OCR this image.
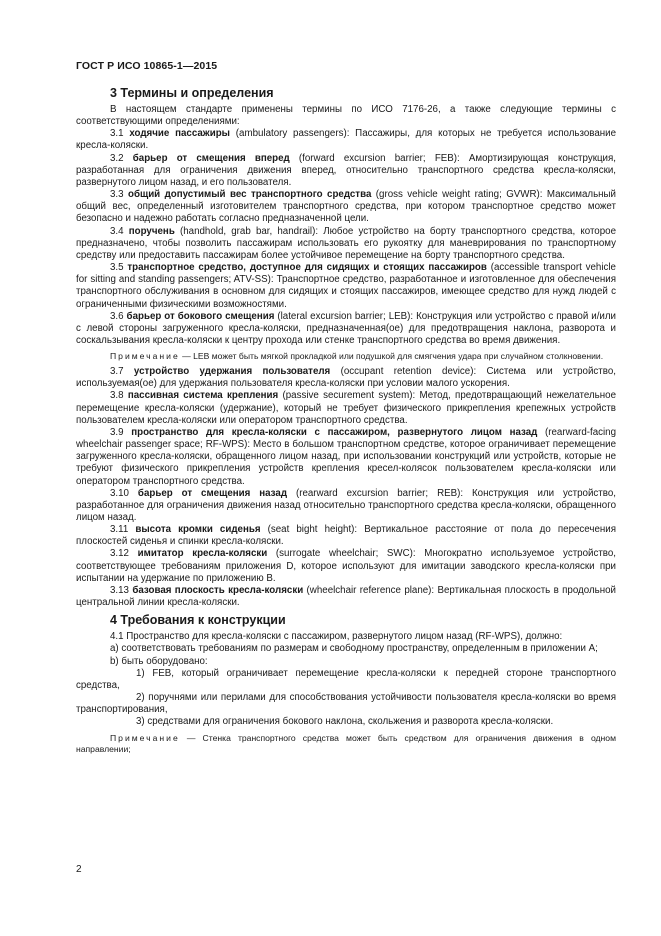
ГОСТ Р ИСО 10865-1—2015
3 Термины и определения

В настоящем стандарте применены термины по ИСО 7176-26, а также следующие термины с соответствующими определениями:

3.1 ходячие пассажиры (ambulatory passengers): Пассажиры, для которых не требуется использование кресла-коляски.

3.2 барьер от смещения вперед (forward excursion barrier; FEB): Амортизирующая конструкция, разработанная для ограничения движения вперед, относительно транспортного средства кресла-коляски, развернутого лицом назад, и его пользователя.

3.3 общий допустимый вес транспортного средства (gross vehicle weight rating; GVWR): Максимальный общий вес, определенный изготовителем транспортного средства, при котором транспортное средство может безопасно и надежно работать согласно предназначенной цели.

3.4 поручень (handhold, grab bar, handrail): Любое устройство на борту транспортного средства, которое предназначено, чтобы позволить пассажирам использовать его рукоятку для маневрирования по транспортному средству или предоставить пассажирам более устойчивое перемещение на борту транспортного средства.

3.5 транспортное средство, доступное для сидящих и стоящих пассажиров (accessible transport vehicle for sitting and standing passengers; ATV-SS): Транспортное средство, разработанное и изготовленное для обеспечения транспортного обслуживания в основном для сидящих и стоящих пассажиров, имеющее средство для нужд людей с ограниченными физическими возможностями.

3.6 барьер от бокового смещения (lateral excursion barrier; LEB): Конструкция или устройство с правой и/или с левой стороны загруженного кресла-коляски, предназначенная(ое) для предотвращения наклона, разворота и соскальзывания кресла-коляски к центру прохода или стенке транспортного средства во время движения.

Примечание — LEB может быть мягкой прокладкой или подушкой для смягчения удара при случайном столкновении.

3.7 устройство удержания пользователя (occupant retention device): Система или устройство, используемая(ое) для удержания пользователя кресла-коляски при условии малого ускорения.

3.8 пассивная система крепления (passive securement system): Метод, предотвращающий нежелательное перемещение кресла-коляски (удержание), который не требует физического прикрепления крепежных устройств пользователем кресла-коляски или оператором транспортного средства.

3.9 пространство для кресла-коляски с пассажиром, развернутого лицом назад (rearward-facing wheelchair passenger space; RF-WPS): Место в большом транспортном средстве, которое ограничивает перемещение загруженного кресла-коляски, обращенного лицом назад, при использовании конструкций или устройств, которые не требуют физического прикрепления устройств крепления кресел-колясок пользователем кресла-коляски или оператором транспортного средства.

3.10 барьер от смещения назад (rearward excursion barrier; REB): Конструкция или устройство, разработанное для ограничения движения назад относительно транспортного средства кресла-коляски, обращенного лицом назад.

3.11 высота кромки сиденья (seat bight height): Вертикальное расстояние от пола до пересечения плоскостей сиденья и спинки кресла-коляски.

3.12 имитатор кресла-коляски (surrogate wheelchair; SWC): Многократно используемое устройство, соответствующее требованиям приложения D, которое используют для имитации заводского кресла-коляски при испытании на удержание по приложению B.

3.13 базовая плоскость кресла-коляски (wheelchair reference plane): Вертикальная плоскость в продольной центральной линии кресла-коляски.

4 Требования к конструкции

4.1 Пространство для кресла-коляски с пассажиром, развернутого лицом назад (RF-WPS), должно:

а) соответствовать требованиям по размерам и свободному пространству, определенным в приложении А;

b) быть оборудовано:

1) FEB, который ограничивает перемещение кресла-коляски к передней стороне транспортного средства,

2) поручнями или перилами для способствования устойчивости пользователя кресла-коляски во время транспортирования,

3) средствами для ограничения бокового наклона, скольжения и разворота кресла-коляски.

Примечание — Стенка транспортного средства может быть средством для ограничения движения в одном направлении;

2
